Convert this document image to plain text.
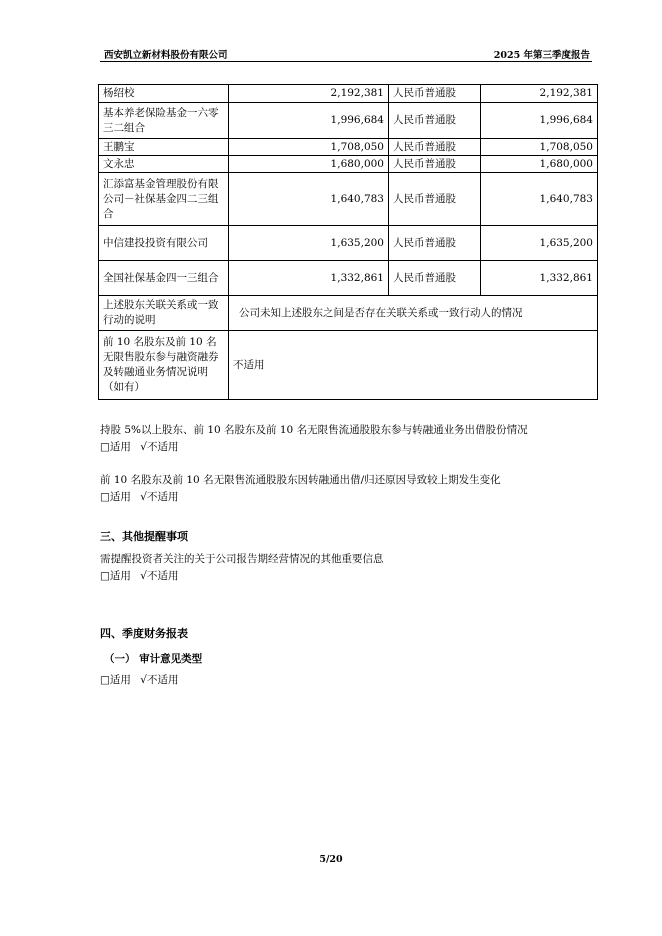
西安凯立新材料股份有限公司	2025 年第三季度报告
杨绍校	2,192,381	人民币普通股	2,192,381
基本养老保险基金一六零三二组合	1,996,684	人民币普通股	1,996,684
王鹏宝	1,708,050	人民币普通股	1,708,050
文永忠	1,680,000	人民币普通股	1,680,000
汇添富基金管理股份有限公司－社保基金四二三组合	1,640,783	人民币普通股	1,640,783
中信建投投资有限公司	1,635,200	人民币普通股	1,635,200
全国社保基金四一三组合	1,332,861	人民币普通股	1,332,861
上述股东关联关系或一致行动的说明	公司未知上述股东之间是否存在关联关系或一致行动人的情况		
前 10 名股东及前 10 名无限售股东参与融资融券及转融通业务情况说明（如有）	不适用		
持股 5%以上股东、前 10 名股东及前 10 名无限售流通股股东参与转融通业务出借股份情况
□适用 √不适用
前 10 名股东及前 10 名无限售流通股股东因转融通出借/归还原因导致较上期发生变化
□适用 √不适用
三、其他提醒事项
需提醒投资者关注的关于公司报告期经营情况的其他重要信息
□适用 √不适用
四、季度财务报表
（一） 审计意见类型
□适用 √不适用
5/20
